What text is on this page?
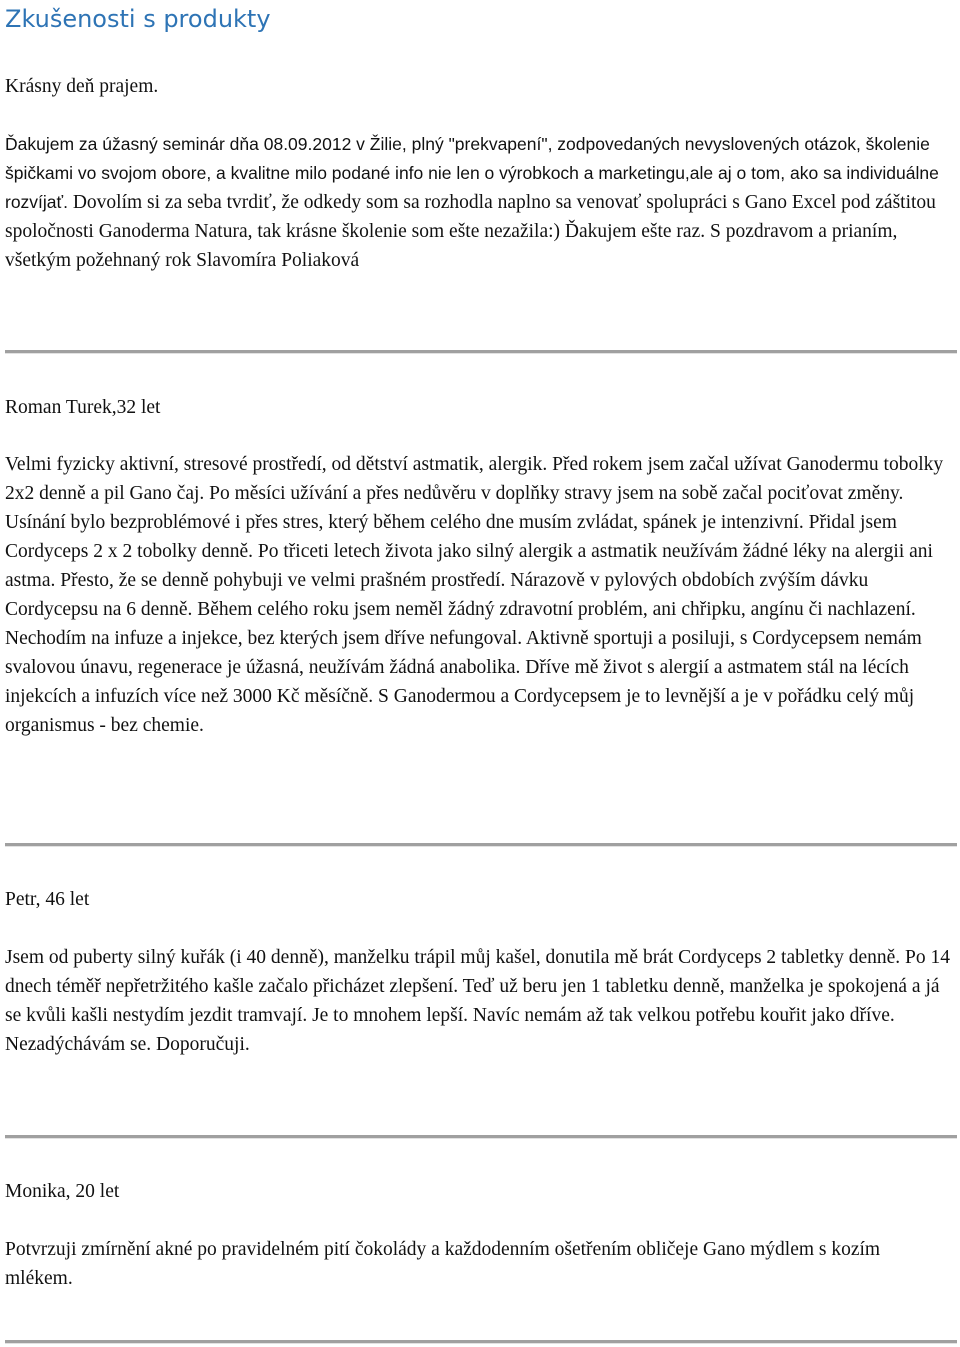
Zkušenosti s produkty

Krásny deň prajem.

Ďakujem za úžasný seminár dňa 08.09.2012 v Žilie, plný "prekvapení", zodpovedaných nevyslovených otázok, školenie špičkami vo svojom obore, a kvalitne milo podané info nie len o výrobkoch a marketingu,ale aj o tom, ako sa individuálne rozvíjať. Dovolím si za seba tvrdiť, že odkedy som sa rozhodla naplno sa venovať spolupráci s Gano Excel pod záštitou spoločnosti Ganoderma Natura, tak krásne školenie som ešte nezažila:) Ďakujem ešte raz. S pozdravom a prianím, všetkým požehnaný rok Slavomíra Poliaková

Roman Turek,32 let

Velmi fyzicky aktivní, stresové prostředí, od dětství astmatik, alergik. Před rokem jsem začal užívat Ganodermu tobolky 2x2 denně a pil Gano čaj. Po měsíci užívání a přes nedůvěru v doplňky stravy jsem na sobě začal pociťovat změny. Usínání bylo bezproblémové i přes stres, který během celého dne musím zvládat, spánek je intenzivní. Přidal jsem Cordyceps 2 x 2 tobolky denně. Po třiceti letech života jako silný alergik a astmatik neužívám žádné léky na alergii ani astma. Přesto, že se denně pohybuji ve velmi prašném prostředí. Nárazově v pylových obdobích zvýším dávku Cordycepsu na 6 denně. Během celého roku jsem neměl žádný zdravotní problém, ani chřipku, angínu či nachlazení. Nechodím na infuze a injekce, bez kterých jsem dříve nefungoval. Aktivně sportuji a posiluji, s Cordycepsem nemám svalovou únavu, regenerace je úžasná, neužívám žádná anabolika. Dříve mě život s alergií a astmatem stál na lécích injekcích a infuzích více než 3000 Kč měsíčně. S Ganodermou a Cordycepsem je to levnější a je v pořádku celý můj organismus - bez chemie.

Petr, 46 let

Jsem od puberty silný kuřák (i 40 denně), manželku trápil můj kašel, donutila mě brát Cordyceps 2 tabletky denně. Po 14 dnech téměř nepřetržitého kašle začalo přicházet zlepšení. Teď už beru jen 1 tabletku denně, manželka je spokojená a já se kvůli kašli nestydím jezdit tramvají. Je to mnohem lepší. Navíc nemám až tak velkou potřebu kouřit jako dříve. Nezadýchávám se. Doporučuji.

Monika, 20 let

Potvrzuji zmírnění akné po pravidelném pití čokolády a každodenním ošetřením obličeje Gano mýdlem s kozím mlékem.
